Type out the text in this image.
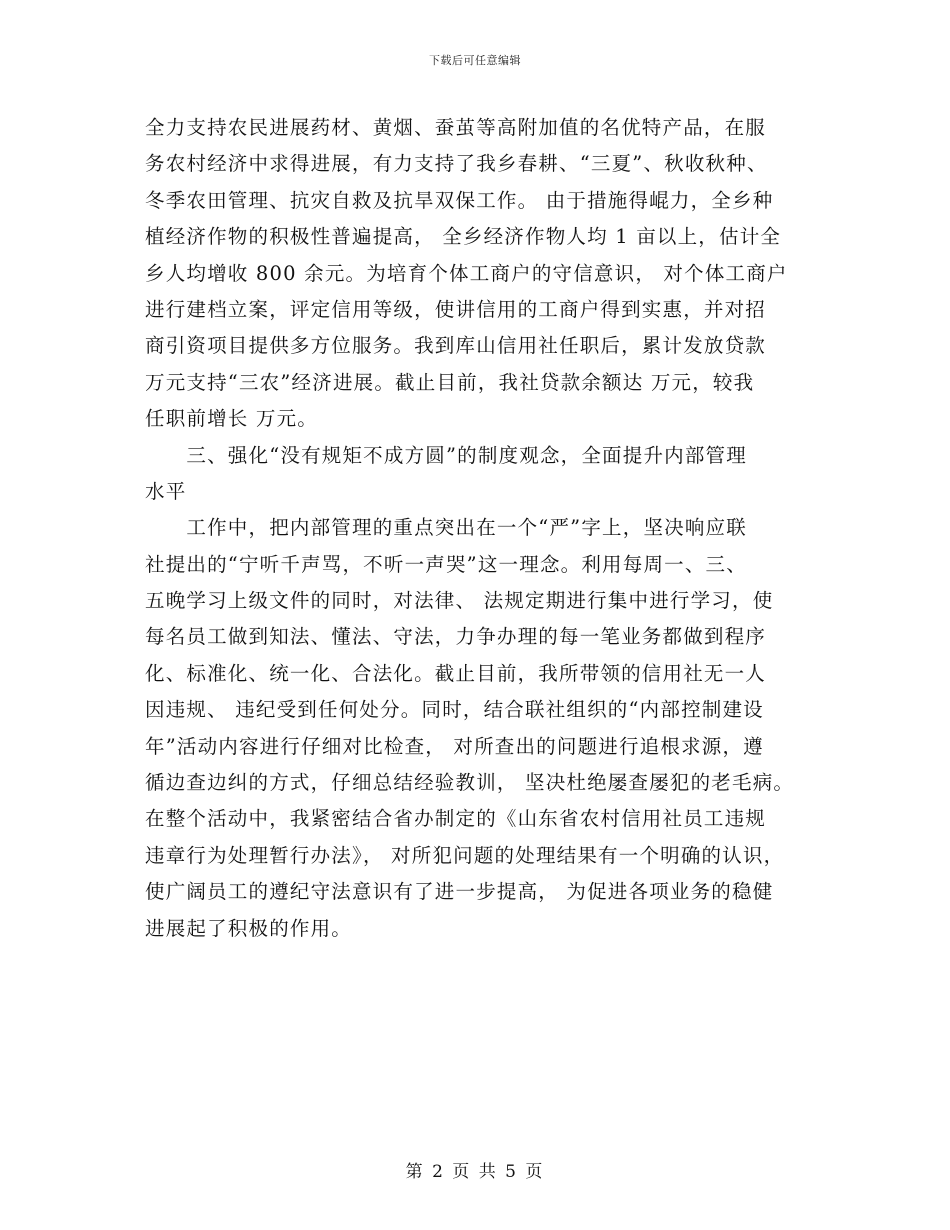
下载后可任意编辑
全力支持农民进展药材、黄烟、蚕茧等高附加值的名优特产品，在服
务农村经济中求得进展，有力支持了我乡春耕、“三夏”、秋收秋种、
冬季农田管理、抗灾自救及抗旱双保工作。 由于措施得崐力，全乡种
植经济作物的积极性普遍提高， 全乡经济作物人均 1 亩以上，估计全
乡人均增收 800 余元。为培育个体工商户的守信意识， 对个体工商户
进行建档立案，评定信用等级，使讲信用的工商户得到实惠，并对招
商引资项目提供多方位服务。我到库山信用社任职后，累计发放贷款
万元支持“三农”经济进展。截止目前，我社贷款余额达 万元，较我
任职前增长 万元。
　　三、强化“没有规矩不成方圆”的制度观念，全面提升内部管理
水平
　　工作中，把内部管理的重点突出在一个“严”字上，坚决响应联
社提出的“宁听千声骂，不听一声哭”这一理念。利用每周一、三、
五晚学习上级文件的同时，对法律、 法规定期进行集中进行学习，使
每名员工做到知法、懂法、守法，力争办理的每一笔业务都做到程序
化、标准化、统一化、合法化。截止目前，我所带领的信用社无一人
因违规、 违纪受到任何处分。同时，结合联社组织的“内部控制建设
年”活动内容进行仔细对比检查， 对所查出的问题进行追根求源，遵
循边查边纠的方式，仔细总结经验教训， 坚决杜绝屡查屡犯的老毛病。
在整个活动中，我紧密结合省办制定的《山东省农村信用社员工违规
违章行为处理暂行办法》， 对所犯问题的处理结果有一个明确的认识，
使广阔员工的遵纪守法意识有了进一步提高， 为促进各项业务的稳健
进展起了积极的作用。
第 2 页 共 5 页
